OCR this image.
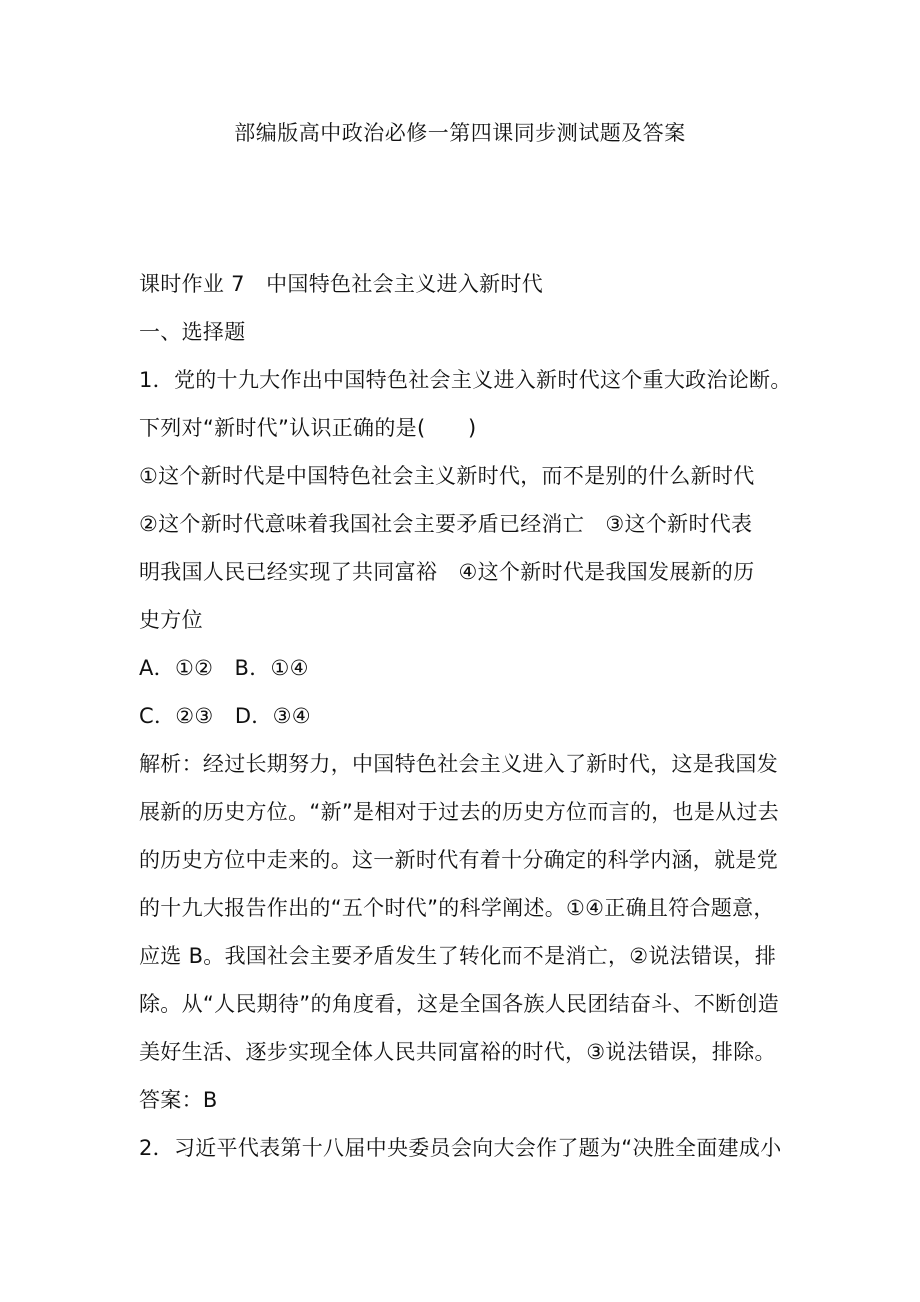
部编版高中政治必修一第四课同步测试题及答案
课时作业 7　中国特色社会主义进入新时代
一、选择题
1．党的十九大作出中国特色社会主义进入新时代这个重大政治论断。
下列对“新时代”认识正确的是(　　)
①这个新时代是中国特色社会主义新时代，而不是别的什么新时代
②这个新时代意味着我国社会主要矛盾已经消亡　③这个新时代表
明我国人民已经实现了共同富裕　④这个新时代是我国发展新的历
史方位
A．①②　B．①④
C．②③　D．③④
解析：经过长期努力，中国特色社会主义进入了新时代，这是我国发
展新的历史方位。“新”是相对于过去的历史方位而言的，也是从过去
的历史方位中走来的。这一新时代有着十分确定的科学内涵，就是党
的十九大报告作出的“五个时代”的科学阐述。①④正确且符合题意，
应选 B。我国社会主要矛盾发生了转化而不是消亡，②说法错误，排
除。从“人民期待”的角度看，这是全国各族人民团结奋斗、不断创造
美好生活、逐步实现全体人民共同富裕的时代，③说法错误，排除。
答案：B
2．习近平代表第十八届中央委员会向大会作了题为“决胜全面建成小
